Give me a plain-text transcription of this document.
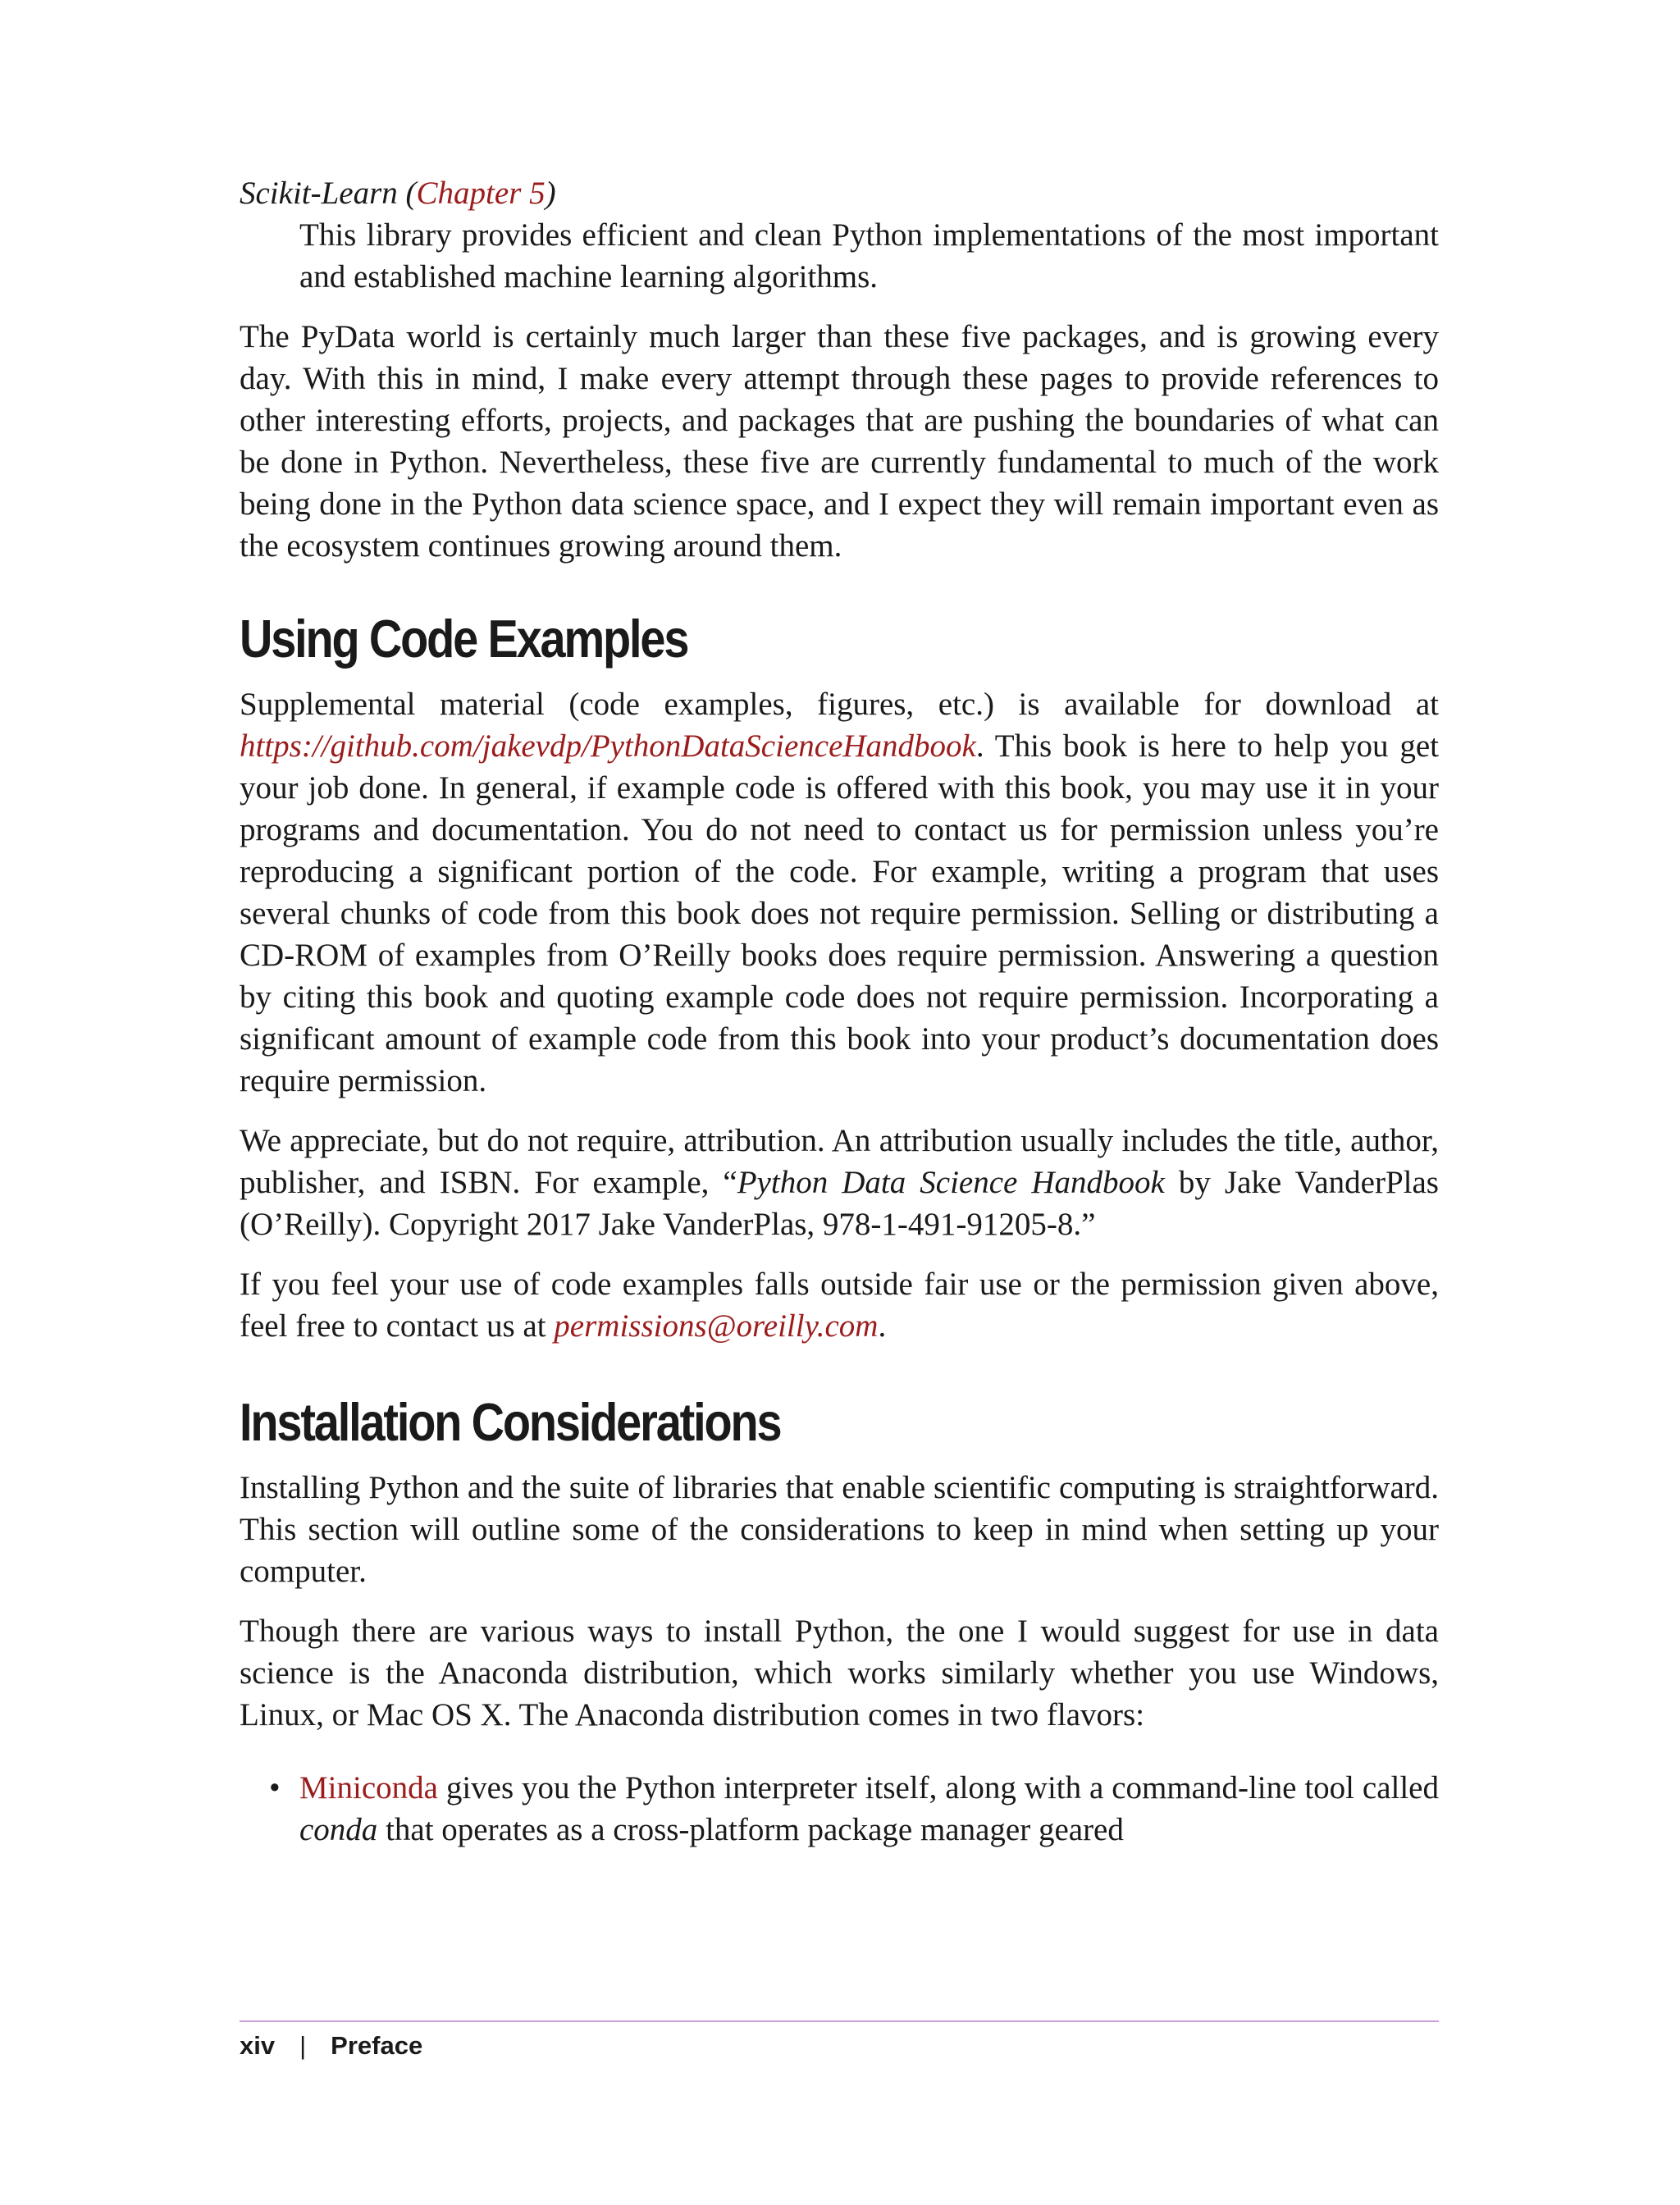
Scikit-Learn (Chapter 5)

This library provides efficient and clean Python implementations of the most important and established machine learning algorithms.

The PyData world is certainly much larger than these five packages, and is growing every day. With this in mind, I make every attempt through these pages to provide references to other interesting efforts, projects, and packages that are pushing the boundaries of what can be done in Python. Nevertheless, these five are currently fundamental to much of the work being done in the Python data science space, and I expect they will remain important even as the ecosystem continues growing around them.

Using Code Examples

Supplemental material (code examples, figures, etc.) is available for download at https://github.com/jakevdp/PythonDataScienceHandbook. This book is here to help you get your job done. In general, if example code is offered with this book, you may use it in your programs and documentation. You do not need to contact us for permission unless you’re reproducing a significant portion of the code. For example, writing a program that uses several chunks of code from this book does not require permission. Selling or distributing a CD-ROM of examples from O’Reilly books does require permission. Answering a question by citing this book and quoting example code does not require permission. Incorporating a significant amount of example code from this book into your product’s documentation does require permission.

We appreciate, but do not require, attribution. An attribution usually includes the title, author, publisher, and ISBN. For example, “Python Data Science Handbook by Jake VanderPlas (O’Reilly). Copyright 2017 Jake VanderPlas, 978-1-491-91205-8.”

If you feel your use of code examples falls outside fair use or the permission given above, feel free to contact us at permissions@oreilly.com.

Installation Considerations

Installing Python and the suite of libraries that enable scientific computing is straightforward. This section will outline some of the considerations to keep in mind when setting up your computer.

Though there are various ways to install Python, the one I would suggest for use in data science is the Anaconda distribution, which works similarly whether you use Windows, Linux, or Mac OS X. The Anaconda distribution comes in two flavors:

• Miniconda gives you the Python interpreter itself, along with a command-line tool called conda that operates as a cross-platform package manager geared
xiv | Preface
